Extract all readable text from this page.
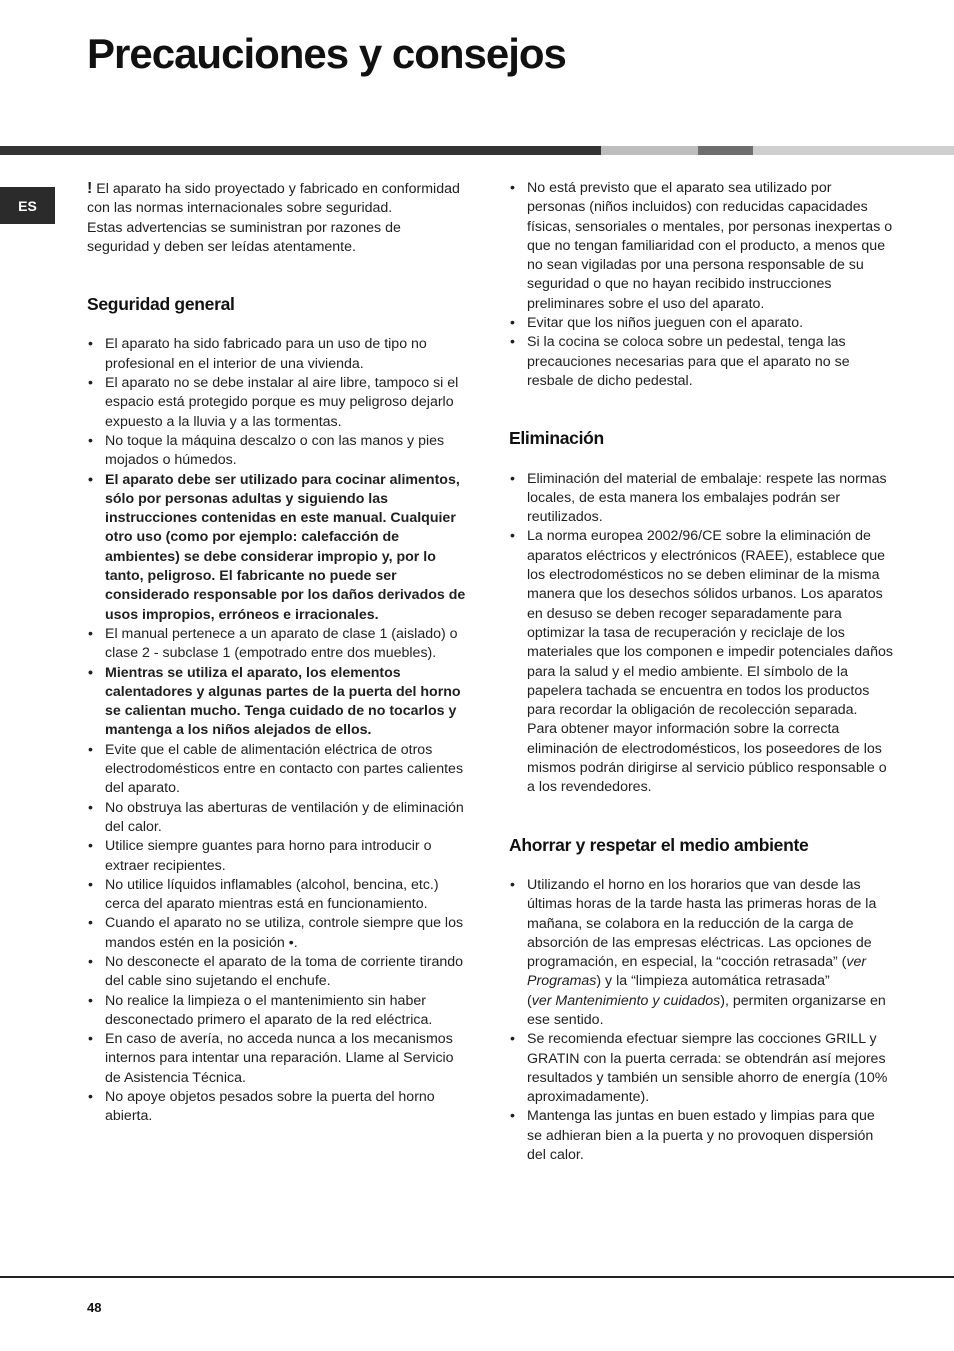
Precauciones y consejos
ES

! El aparato ha sido proyectado y fabricado en conformidad con las normas internacionales sobre seguridad.

Estas advertencias se suministran por razones de seguridad y deben ser leídas atentamente.

Seguridad general
• El aparato ha sido fabricado para un uso de tipo no profesional en el interior de una vivienda.
• El aparato no se debe instalar al aire libre, tampoco si el espacio está protegido porque es muy peligroso dejarlo expuesto a la lluvia y a las tormentas.
• No toque la máquina descalzo o con las manos y pies mojados o húmedos.
• El aparato debe ser utilizado para cocinar alimentos, sólo por personas adultas y siguiendo las instrucciones contenidas en este manual. Cualquier otro uso (como por ejemplo: calefacción de ambientes) se debe considerar impropio y, por lo tanto, peligroso. El fabricante no puede ser considerado responsable por los daños derivados de usos impropios, erróneos e irracionales.
• El manual pertenece a un aparato de clase 1 (aislado) o clase 2 - subclase 1 (empotrado entre dos muebles).
• Mientras se utiliza el aparato, los elementos calentadores y algunas partes de la puerta del horno se calientan mucho. Tenga cuidado de no tocarlos y mantenga a los niños alejados de ellos.
• Evite que el cable de alimentación eléctrica de otros electrodomésticos entre en contacto con partes calientes del aparato.
• No obstruya las aberturas de ventilación y de eliminación del calor.
• Utilice siempre guantes para horno para introducir o extraer recipientes.
• No utilice líquidos inflamables (alcohol, bencina, etc.) cerca del aparato mientras está en funcionamiento.
• Cuando el aparato no se utiliza, controle siempre que los mandos estén en la posición •.
• No desconecte el aparato de la toma de corriente tirando del cable sino sujetando el enchufe.
• No realice la limpieza o el mantenimiento sin haber desconectado primero el aparato de la red eléctrica.
• En caso de avería, no acceda nunca a los mecanismos internos para intentar una reparación. Llame al Servicio de Asistencia Técnica.
• No apoye objetos pesados sobre la puerta del horno abierta.
• No está previsto que el aparato sea utilizado por personas (niños incluidos) con reducidas capacidades físicas, sensoriales o mentales, por personas inexpertas o que no tengan familiaridad con el producto, a menos que no sean vigiladas por una persona responsable de su seguridad o que no hayan recibido instrucciones preliminares sobre el uso del aparato.
• Evitar que los niños jueguen con el aparato.
• Si la cocina se coloca sobre un pedestal, tenga las precauciones necesarias para que el aparato no se resbale de dicho pedestal.
Eliminación
• Eliminación del material de embalaje: respete las normas locales, de esta manera los embalajes podrán ser reutilizados.
• La norma europea 2002/96/CE sobre la eliminación de aparatos eléctricos y electrónicos (RAEE), establece que los electrodomésticos no se deben eliminar de la misma manera que los desechos sólidos urbanos. Los aparatos en desuso se deben recoger separadamente para optimizar la tasa de recuperación y reciclaje de los materiales que los componen e impedir potenciales daños para la salud y el medio ambiente. El símbolo de la papelera tachada se encuentra en todos los productos para recordar la obligación de recolección separada.

Para obtener mayor información sobre la correcta eliminación de electrodomésticos, los poseedores de los mismos podrán dirigirse al servicio público responsable o a los revendedores.

Ahorrar y respetar el medio ambiente
• Utilizando el horno en los horarios que van desde las últimas horas de la tarde hasta las primeras horas de la mañana, se colabora en la reducción de la carga de absorción de las empresas eléctricas. Las opciones de programación, en especial, la “cocción retrasada” (ver Programas) y la “limpieza automática retrasada”
(ver Mantenimiento y cuidados), permiten organizarse en ese sentido.
• Se recomienda efectuar siempre las cocciones GRILL y GRATIN con la puerta cerrada: se obtendrán así mejores resultados y también un sensible ahorro de energía (10% aproximadamente).
• Mantenga las juntas en buen estado y limpias para que se adhieran bien a la puerta y no provoquen dispersión del calor.
48
